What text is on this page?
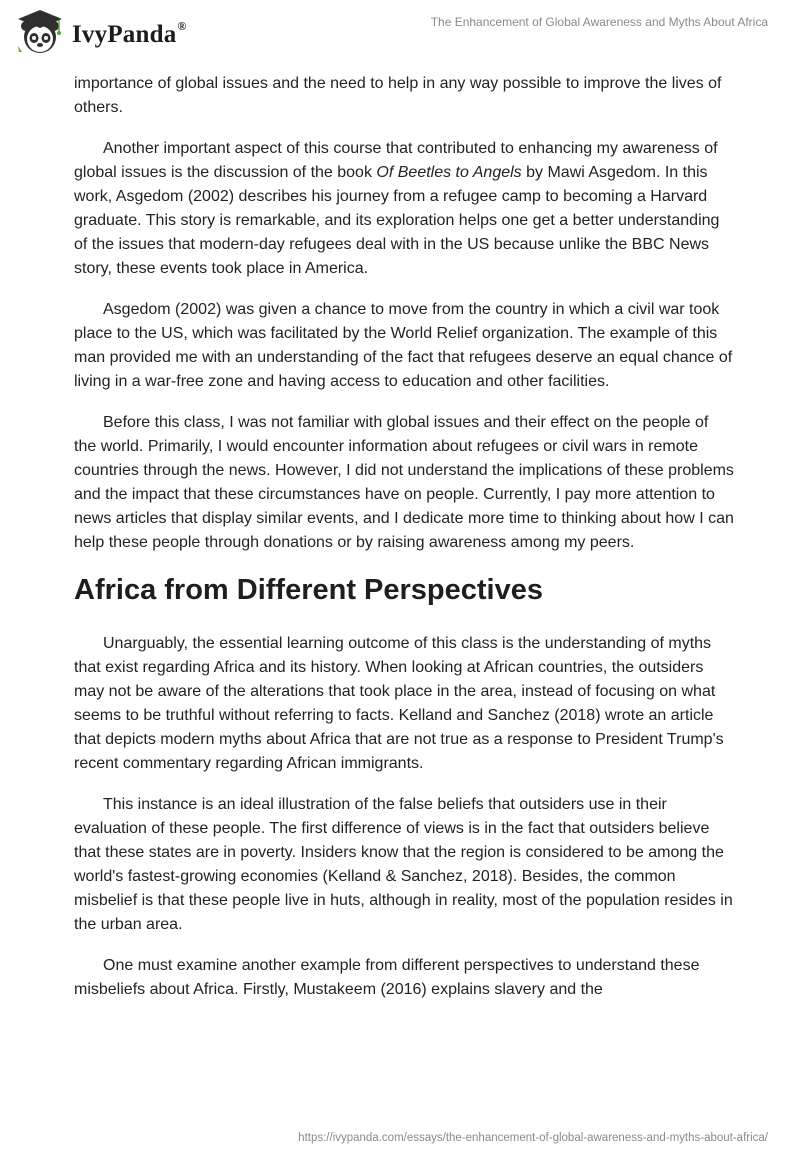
IvyPanda®	The Enhancement of Global Awareness and Myths About Africa

importance of global issues and the need to help in any way possible to improve the lives of others.

Another important aspect of this course that contributed to enhancing my awareness of global issues is the discussion of the book Of Beetles to Angels by Mawi Asgedom. In this work, Asgedom (2002) describes his journey from a refugee camp to becoming a Harvard graduate. This story is remarkable, and its exploration helps one get a better understanding of the issues that modern-day refugees deal with in the US because unlike the BBC News story, these events took place in America.

Asgedom (2002) was given a chance to move from the country in which a civil war took place to the US, which was facilitated by the World Relief organization. The example of this man provided me with an understanding of the fact that refugees deserve an equal chance of living in a war-free zone and having access to education and other facilities.

Before this class, I was not familiar with global issues and their effect on the people of the world. Primarily, I would encounter information about refugees or civil wars in remote countries through the news. However, I did not understand the implications of these problems and the impact that these circumstances have on people. Currently, I pay more attention to news articles that display similar events, and I dedicate more time to thinking about how I can help these people through donations or by raising awareness among my peers.

Africa from Different Perspectives

Unarguably, the essential learning outcome of this class is the understanding of myths that exist regarding Africa and its history. When looking at African countries, the outsiders may not be aware of the alterations that took place in the area, instead of focusing on what seems to be truthful without referring to facts. Kelland and Sanchez (2018) wrote an article that depicts modern myths about Africa that are not true as a response to President Trump's recent commentary regarding African immigrants.

This instance is an ideal illustration of the false beliefs that outsiders use in their evaluation of these people. The first difference of views is in the fact that outsiders believe that these states are in poverty. Insiders know that the region is considered to be among the world's fastest-growing economies (Kelland & Sanchez, 2018). Besides, the common misbelief is that these people live in huts, although in reality, most of the population resides in the urban area.

One must examine another example from different perspectives to understand these misbeliefs about Africa. Firstly, Mustakeem (2016) explains slavery and the

https://ivypanda.com/essays/the-enhancement-of-global-awareness-and-myths-about-africa/
